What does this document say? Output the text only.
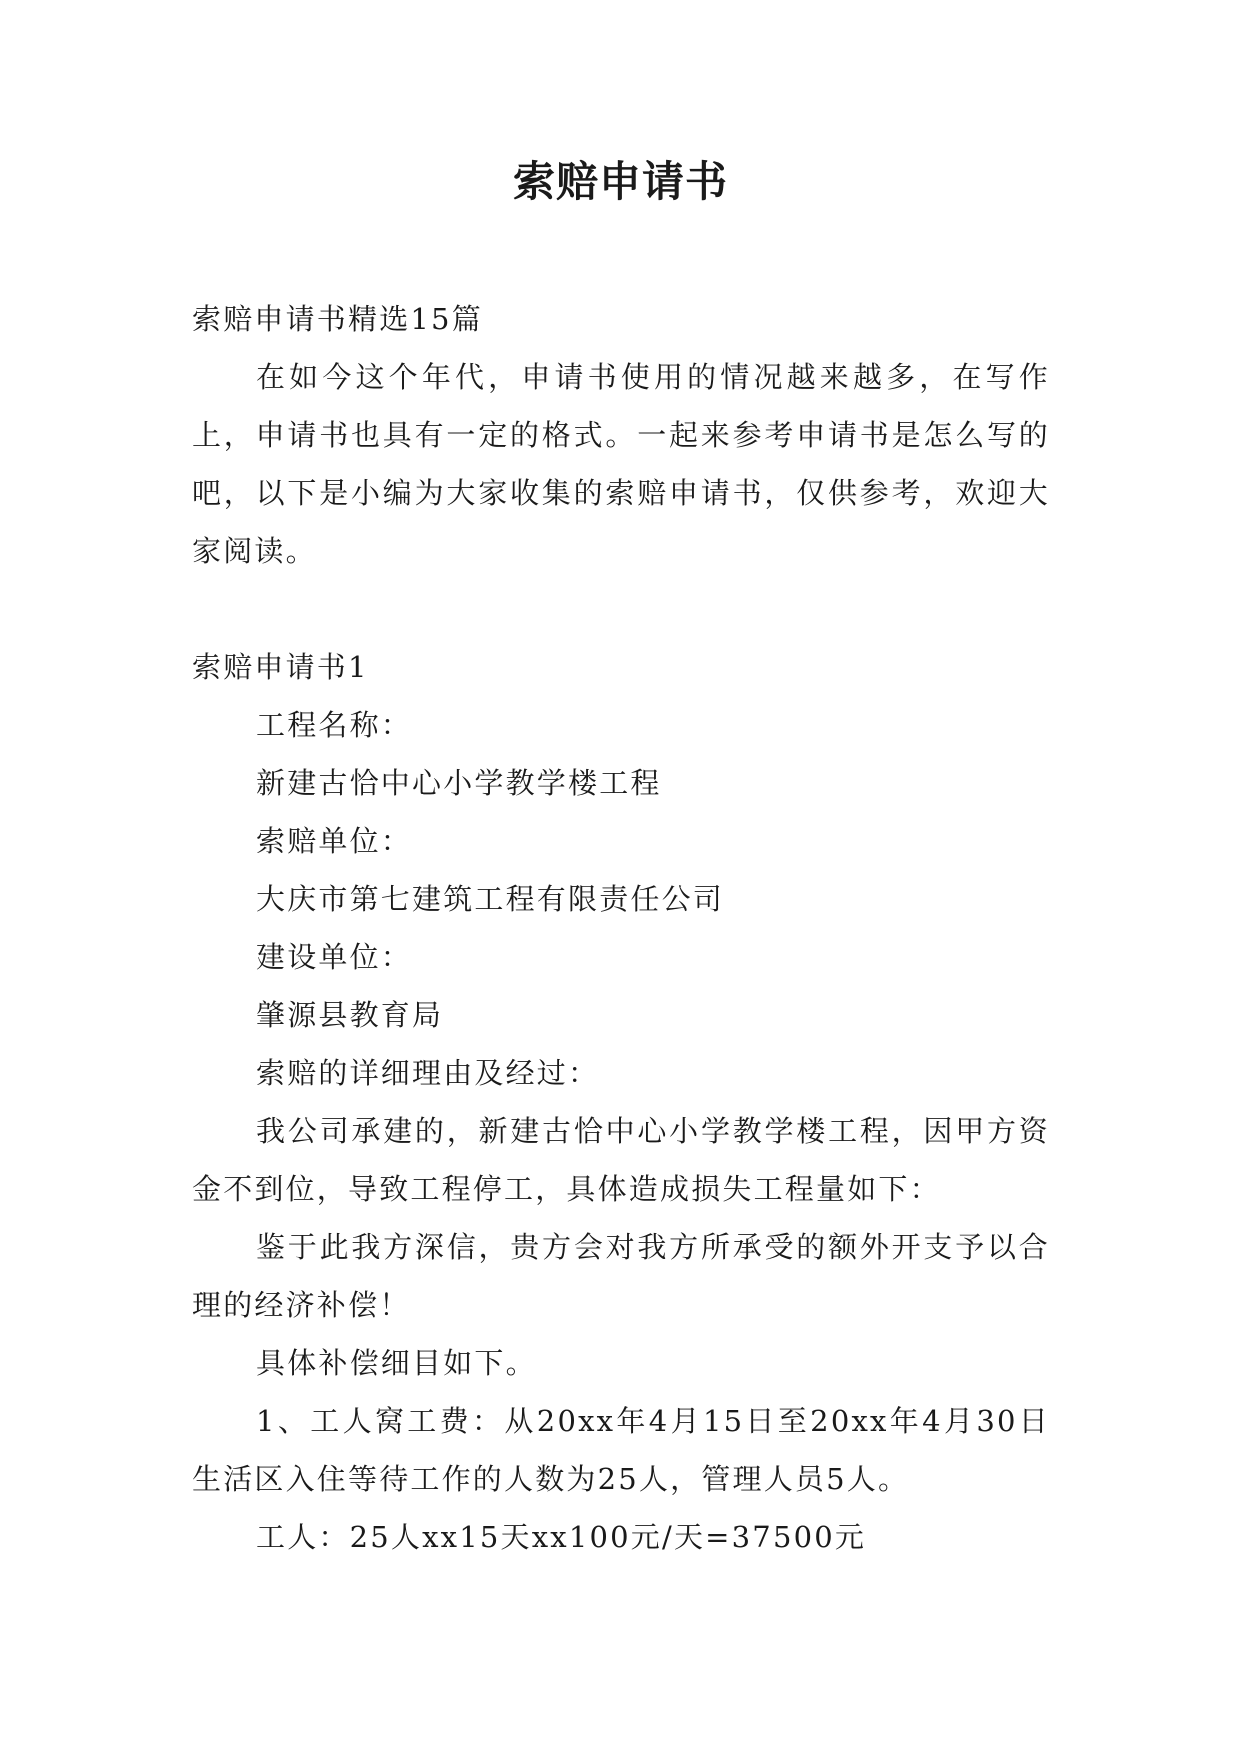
索赔申请书

索赔申请书精选15篇

在如今这个年代，申请书使用的情况越来越多，在写作上，申请书也具有一定的格式。一起来参考申请书是怎么写的吧，以下是小编为大家收集的索赔申请书，仅供参考，欢迎大家阅读。

索赔申请书1

工程名称：

新建古恰中心小学教学楼工程

索赔单位：

大庆市第七建筑工程有限责任公司

建设单位：

肇源县教育局

索赔的详细理由及经过：

我公司承建的，新建古恰中心小学教学楼工程，因甲方资金不到位，导致工程停工，具体造成损失工程量如下：

鉴于此我方深信，贵方会对我方所承受的额外开支予以合理的经济补偿！

具体补偿细目如下。

1、工人窝工费：从20xx年4月15日至20xx年4月30日生活区入住等待工作的人数为25人，管理人员5人。

工人：25人xx15天xx100元/天=37500元
